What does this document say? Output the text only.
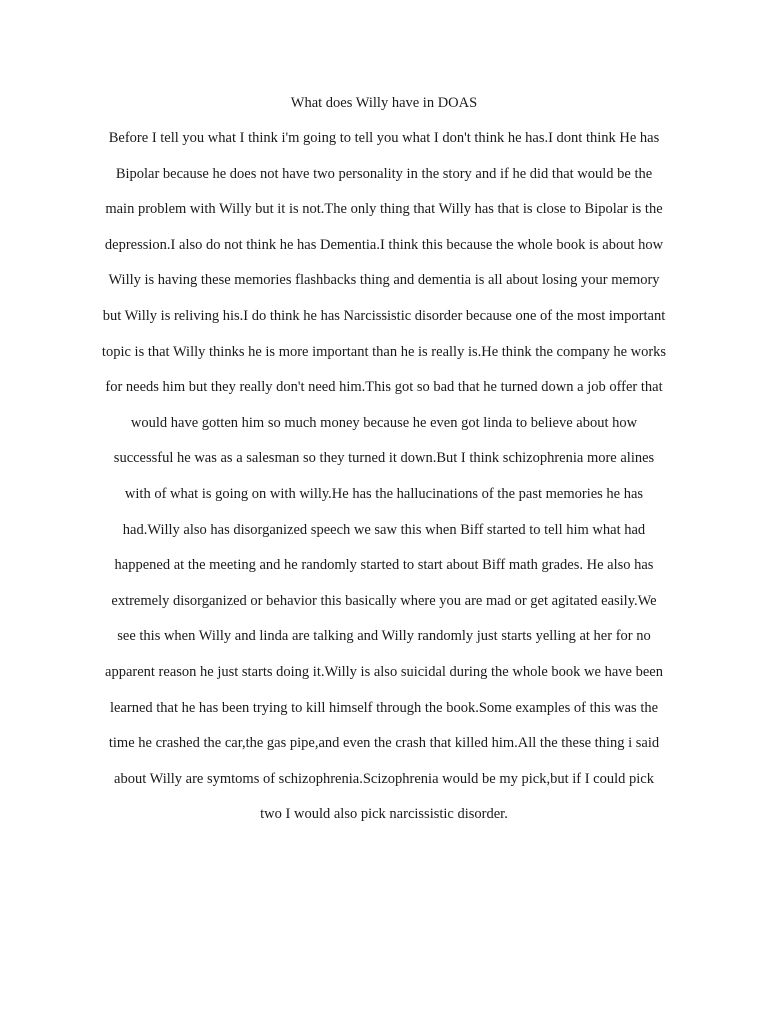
What does Willy have in DOAS
Before I tell you what I think i'm going to tell you what I don't think he has.I dont think He has
Bipolar because he does not have two personality in the story and if he did that would be the
main problem with Willy but it is not.The only thing that Willy has that is close to Bipolar is the
depression.I also do not think he has Dementia.I think this because the whole book is about how
Willy is having these memories flashbacks thing and dementia is all about losing your memory
but Willy is reliving his.I do think he has Narcissistic disorder because one of the most important
topic is that Willy thinks he is more important than he is really is.He think the company he works
for needs him but they really don't need him.This got so bad that he turned down a job offer that
would have gotten him so much money because he even got linda to believe about how
successful he was as a salesman so they turned it down.But I think schizophrenia more alines
with of what is going on with willy.He has the hallucinations of the past memories he has
had.Willy also has disorganized speech we saw this when Biff started to tell him what had
happened at the meeting and he randomly started to start about Biff math grades. He also has
extremely disorganized or behavior this basically where you are mad or get agitated easily.We
see this when Willy and linda are talking and Willy randomly just starts yelling at her for no
apparent reason he just starts doing it.Willy is also suicidal during the whole book we have been
learned that he has been trying to kill himself through the book.Some examples of this was the
time he crashed the car,the gas pipe,and even the crash that killed him.All the these thing i said
about Willy are symtoms of schizophrenia.Scizophrenia would be my pick,but if I could pick
two I would also pick narcissistic disorder.
